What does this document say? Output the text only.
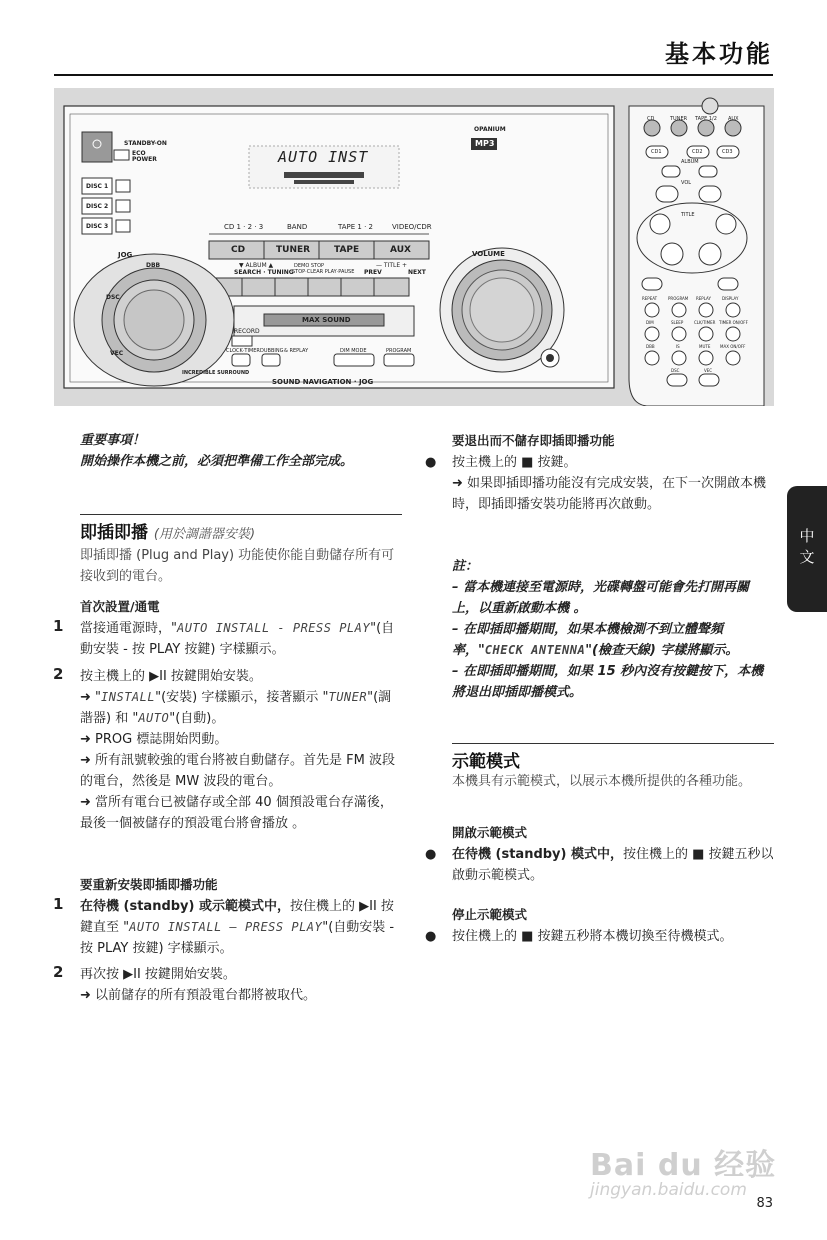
基本功能
STANDBY-ON
ECO
POWER
DISC 1
DISC 2
DISC 3
AUTO INST
OPANIUM
MP3
CD 1 · 2 · 3	BAND	TAPE 1 · 2	VIDEO/CDR
CD	TUNER	TAPE	AUX
▼ ALBUM ▲
SEARCH · TUNING
DEMO STOP
STOP·CLEAR PLAY·PAUSE PREV
— TITLE +
NEXT
JOG
DBB
DSC
VEC
INCREDIBLE SURROUND
RECORD
MAX SOUND
CLOCK·TIMER DUBBING & REPLAY	DIM MODE	PROGRAM
SOUND NAVIGATION · JOG
VOLUME
CD	TUNER TAPE 1/2 AUX
CD1	CD2	CD3
ALBUM
VOL
TITLE
REPEAT	PROGRAM REPLAY	DISPLAY
DIM	SLEEP	CLK/TIMER TIMER ON/OFF
DBB	IS	MUTE MAX ON/OFF
DSC	VEC
重要事項！
開始操作本機之前，必須把準備工作全部完成。
即插即播 (用於調諧器安裝)
即插即播 (Plug and Play) 功能使你能自動儲存所有可接收到的電台。
首次設置/通電
1 當接通電源時，"AUTO INSTALL - PRESS PLAY"(自動安裝 - 按 PLAY 按鍵) 字樣顯示。
2 按主機上的 ▶II 按鍵開始安裝。
➜ "INSTALL"(安裝) 字樣顯示，接著顯示 "TUNER"(調諧器) 和 "AUTO"(自動)。
➜ PROG 標誌開始閃動。
➜ 所有訊號較強的電台將被自動儲存。首先是 FM 波段的電台，然後是 MW 波段的電台。
➜ 當所有電台已被儲存或全部 40 個預設電台存滿後，最後一個被儲存的預設電台將會播放 。
要重新安裝即插即播功能
1 在待機 (standby) 或示範模式中，按住機上的 ▶II 按鍵直至 "AUTO INSTALL – PRESS PLAY"(自動安裝 - 按 PLAY 按鍵) 字樣顯示。
2 再次按 ▶II 按鍵開始安裝。
➜ 以前儲存的所有預設電台都將被取代。
要退出而不儲存即插即播功能
● 按主機上的 ■ 按鍵。
➜ 如果即插即播功能沒有完成安裝，在下一次開啟本機時，即插即播安裝功能將再次啟動。
註：
– 當本機連接至電源時，光碟轉盤可能會先打開再關上，以重新啟動本機 。
– 在即插即播期間，如果本機檢測不到立體聲頻率，"CHECK ANTENNA"(檢查天線) 字樣將顯示。
– 在即插即播期間，如果 15 秒內沒有按鍵按下，本機將退出即插即播模式。
示範模式
本機具有示範模式，以展示本機所提供的各種功能。
開啟示範模式
● 在待機 (standby) 模式中，按住機上的 ■ 按鍵五秒以啟動示範模式。
停止示範模式
● 按住機上的 ■ 按鍵五秒將本機切換至待機模式。
中文
Bai du 经验
jingyan.baidu.com
83
